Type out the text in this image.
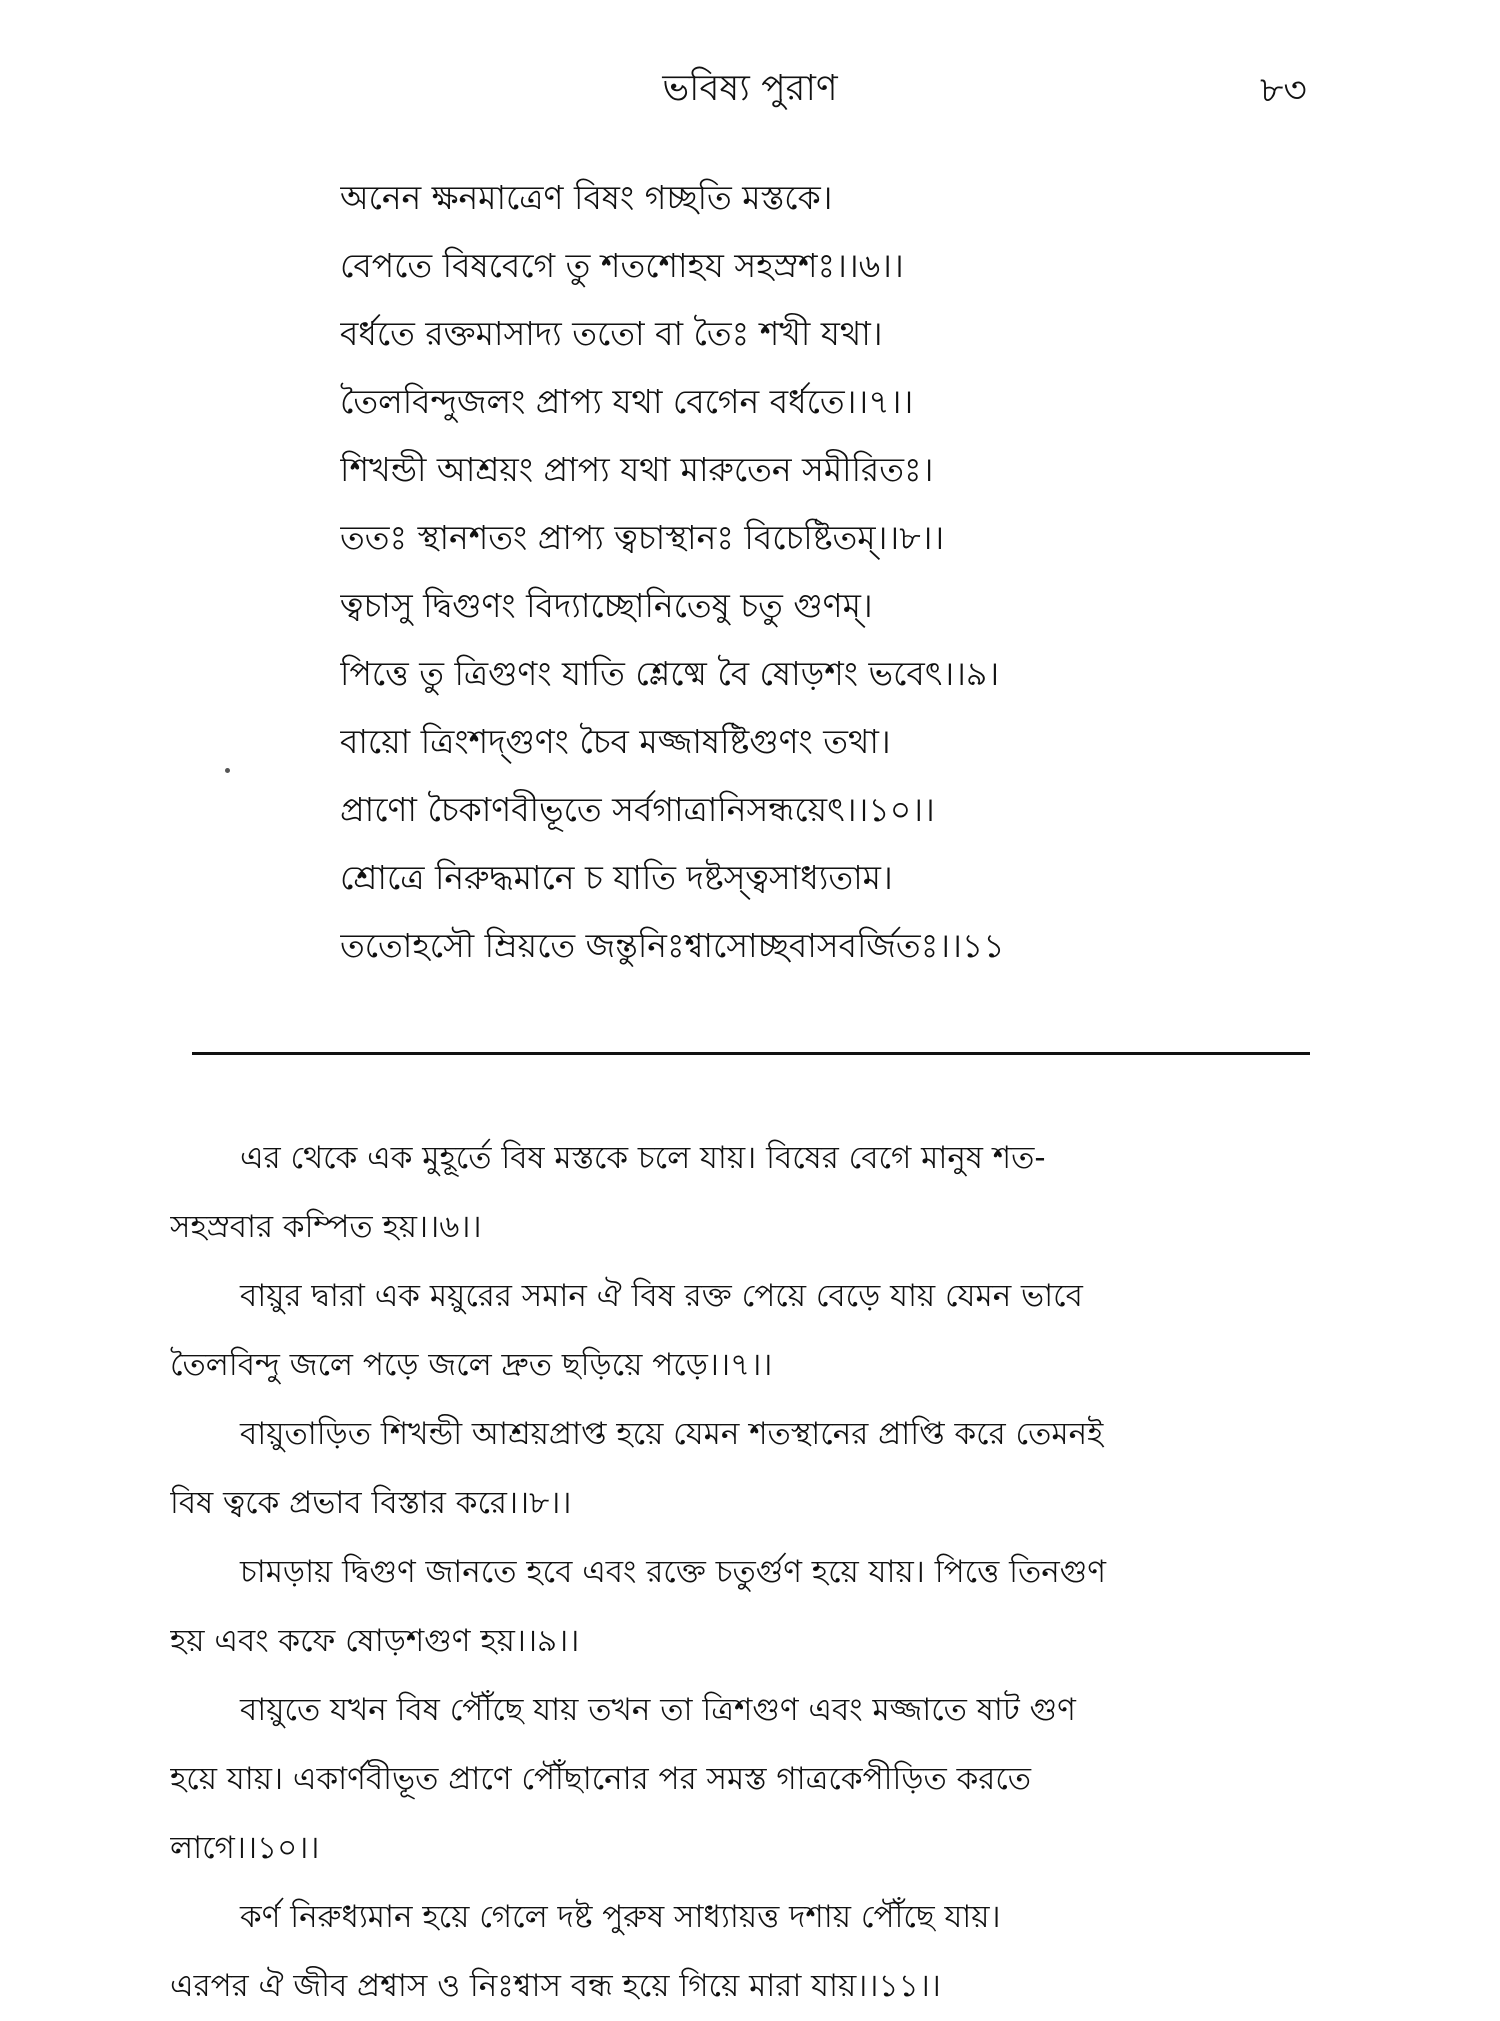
ভবিষ্য পুরাণ	৮৩
অনেন ক্ষনমাত্রেণ বিষং গচ্ছতি মস্তকে।
বেপতে বিষবেগে তু শতশোহয সহস্রশঃ।।৬।।
বর্ধতে রক্তমাসাদ্য ততো বা তৈঃ শখী যথা।
তৈলবিন্দুজলং প্রাপ্য যথা বেগেন বর্ধতে।।৭।।
শিখন্ডী আশ্রয়ং প্রাপ্য যথা মারুতেন সমীরিতঃ।
ততঃ স্থানশতং প্রাপ্য ত্বচাস্থানঃ বিচেষ্টিতম্।।৮।।
ত্বচাসু দ্বিগুণং বিদ্যাচ্ছোনিতেষু চতু গুণম্।
পিত্তে তু ত্রিগুণং যাতি শ্লেষ্মে বৈ ষোড়শং ভবেৎ।।৯।
বায়ো ত্রিংশদ্গুণং চৈব মজ্জাষষ্টিগুণং তথা।
প্রাণো চৈকাণবীভূতে সর্বগাত্রানিসন্ধয়েৎ।।১০।।
শ্রোত্রে নিরুদ্ধমানে চ যাতি দষ্টস্ত্বসাধ্যতাম।
ততোহসৌ ম্রিয়তে জন্তুনিঃশ্বাসোচ্ছবাসবর্জিতঃ।।১১
এর থেকে এক মুহূর্তে বিষ মস্তকে চলে যায়। বিষের বেগে মানুষ শত-
সহস্রবার কম্পিত হয়।।৬।।
বায়ুর দ্বারা এক ময়ুরের সমান ঐ বিষ রক্ত পেয়ে বেড়ে যায় যেমন ভাবে
তৈলবিন্দু জলে পড়ে জলে দ্রুত ছড়িয়ে পড়ে।।৭।।
বায়ুতাড়িত শিখন্ডী আশ্রয়প্রাপ্ত হয়ে যেমন শতস্থানের প্রাপ্তি করে তেমনই
বিষ ত্বকে প্রভাব বিস্তার করে।।৮।।
চামড়ায় দ্বিগুণ জানতে হবে এবং রক্তে চতুর্গুণ হয়ে যায়। পিত্তে তিনগুণ
হয় এবং কফে ষোড়শগুণ হয়।।৯।।
বায়ুতে যখন বিষ পৌঁছে যায় তখন তা ত্রিশগুণ এবং মজ্জাতে ষাট গুণ
হয়ে যায়। একার্ণবীভূত প্রাণে পৌঁছানোর পর সমস্ত গাত্রকেপীড়িত করতে
লাগে।।১০।।
কর্ণ নিরুধ্যমান হয়ে গেলে দষ্ট পুরুষ সাধ্যায়ত্ত দশায় পৌঁছে যায়।
এরপর ঐ জীব প্রশ্বাস ও নিঃশ্বাস বন্ধ হয়ে গিয়ে মারা যায়।।১১।।
